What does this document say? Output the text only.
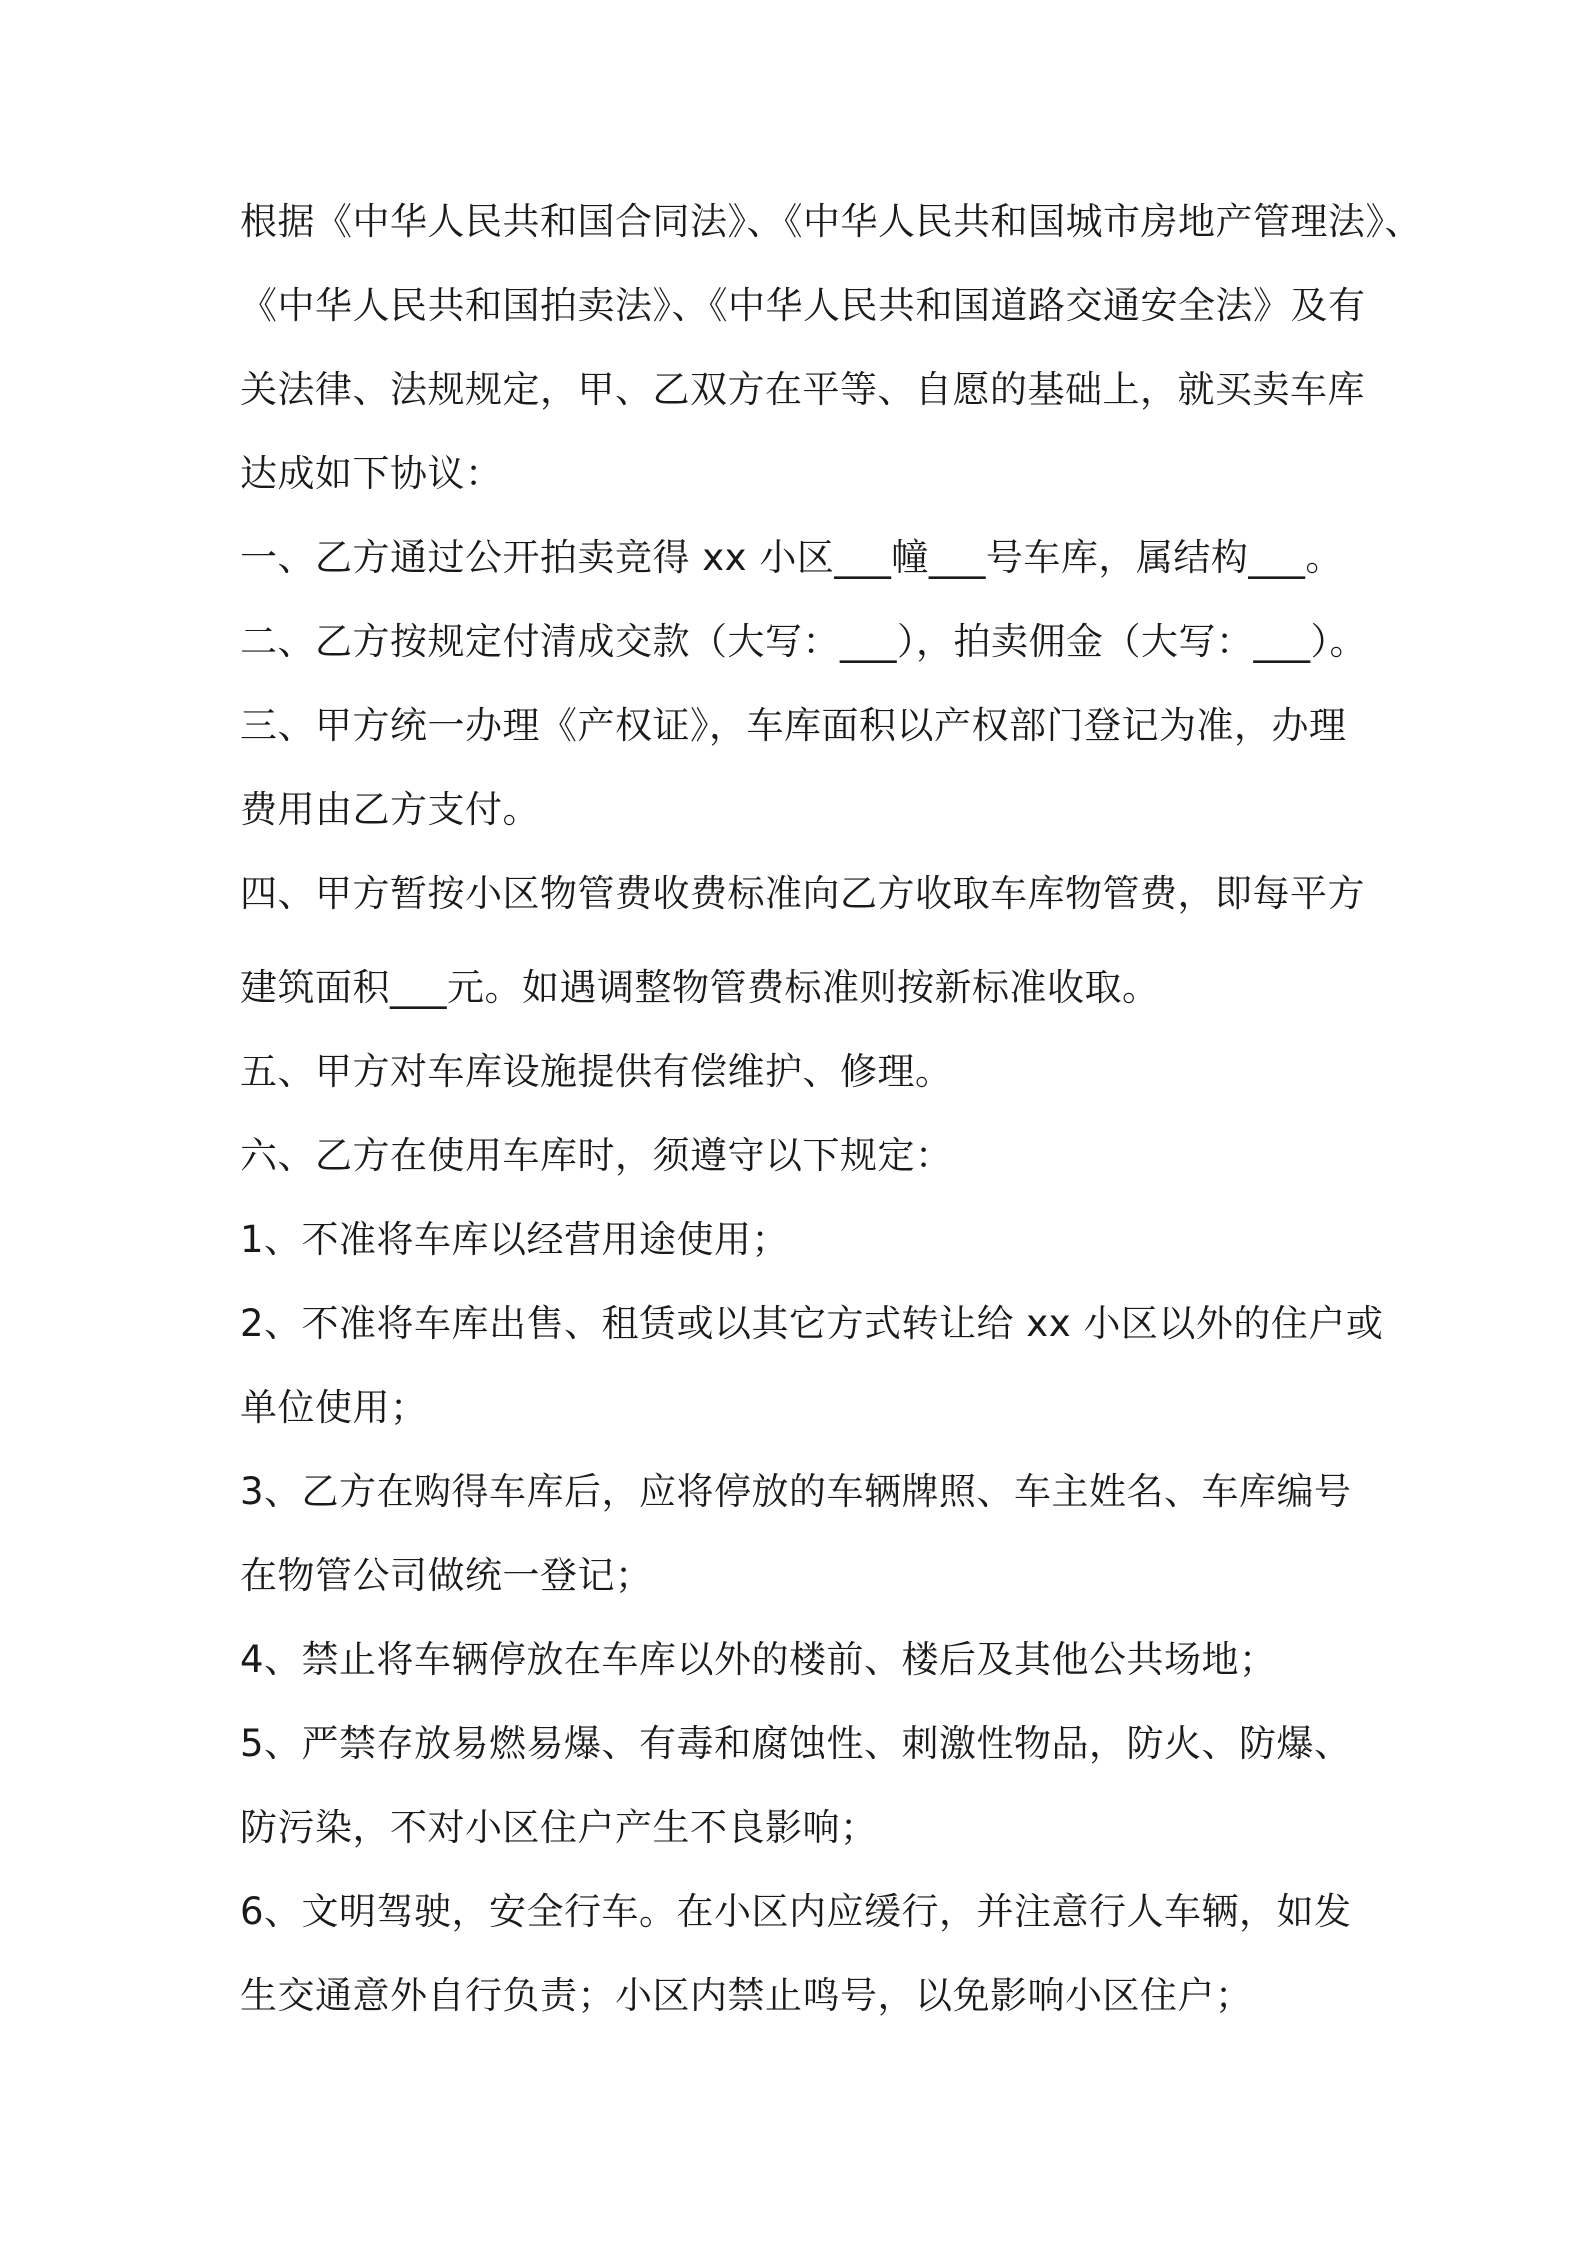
根据《中华人民共和国合同法》、《中华人民共和国城市房地产管理法》、
《中华人民共和国拍卖法》、《中华人民共和国道路交通安全法》及有
关法律、法规规定，甲、乙双方在平等、自愿的基础上，就买卖车库
达成如下协议：
一、乙方通过公开拍卖竞得 xx 小区___幢___号车库，属结构___。
二、乙方按规定付清成交款（大写：___），拍卖佣金（大写：___）。
三、甲方统一办理《产权证》，车库面积以产权部门登记为准，办理
费用由乙方支付。
四、甲方暂按小区物管费收费标准向乙方收取车库物管费，即每平方
建筑面积___元。如遇调整物管费标准则按新标准收取。
五、甲方对车库设施提供有偿维护、修理。
六、乙方在使用车库时，须遵守以下规定：
1、不准将车库以经营用途使用；
2、不准将车库出售、租赁或以其它方式转让给 xx 小区以外的住户或
单位使用；
3、乙方在购得车库后，应将停放的车辆牌照、车主姓名、车库编号
在物管公司做统一登记；
4、禁止将车辆停放在车库以外的楼前、楼后及其他公共场地；
5、严禁存放易燃易爆、有毒和腐蚀性、刺激性物品，防火、防爆、
防污染，不对小区住户产生不良影响；
6、文明驾驶，安全行车。在小区内应缓行，并注意行人车辆，如发
生交通意外自行负责；小区内禁止鸣号，以免影响小区住户；
